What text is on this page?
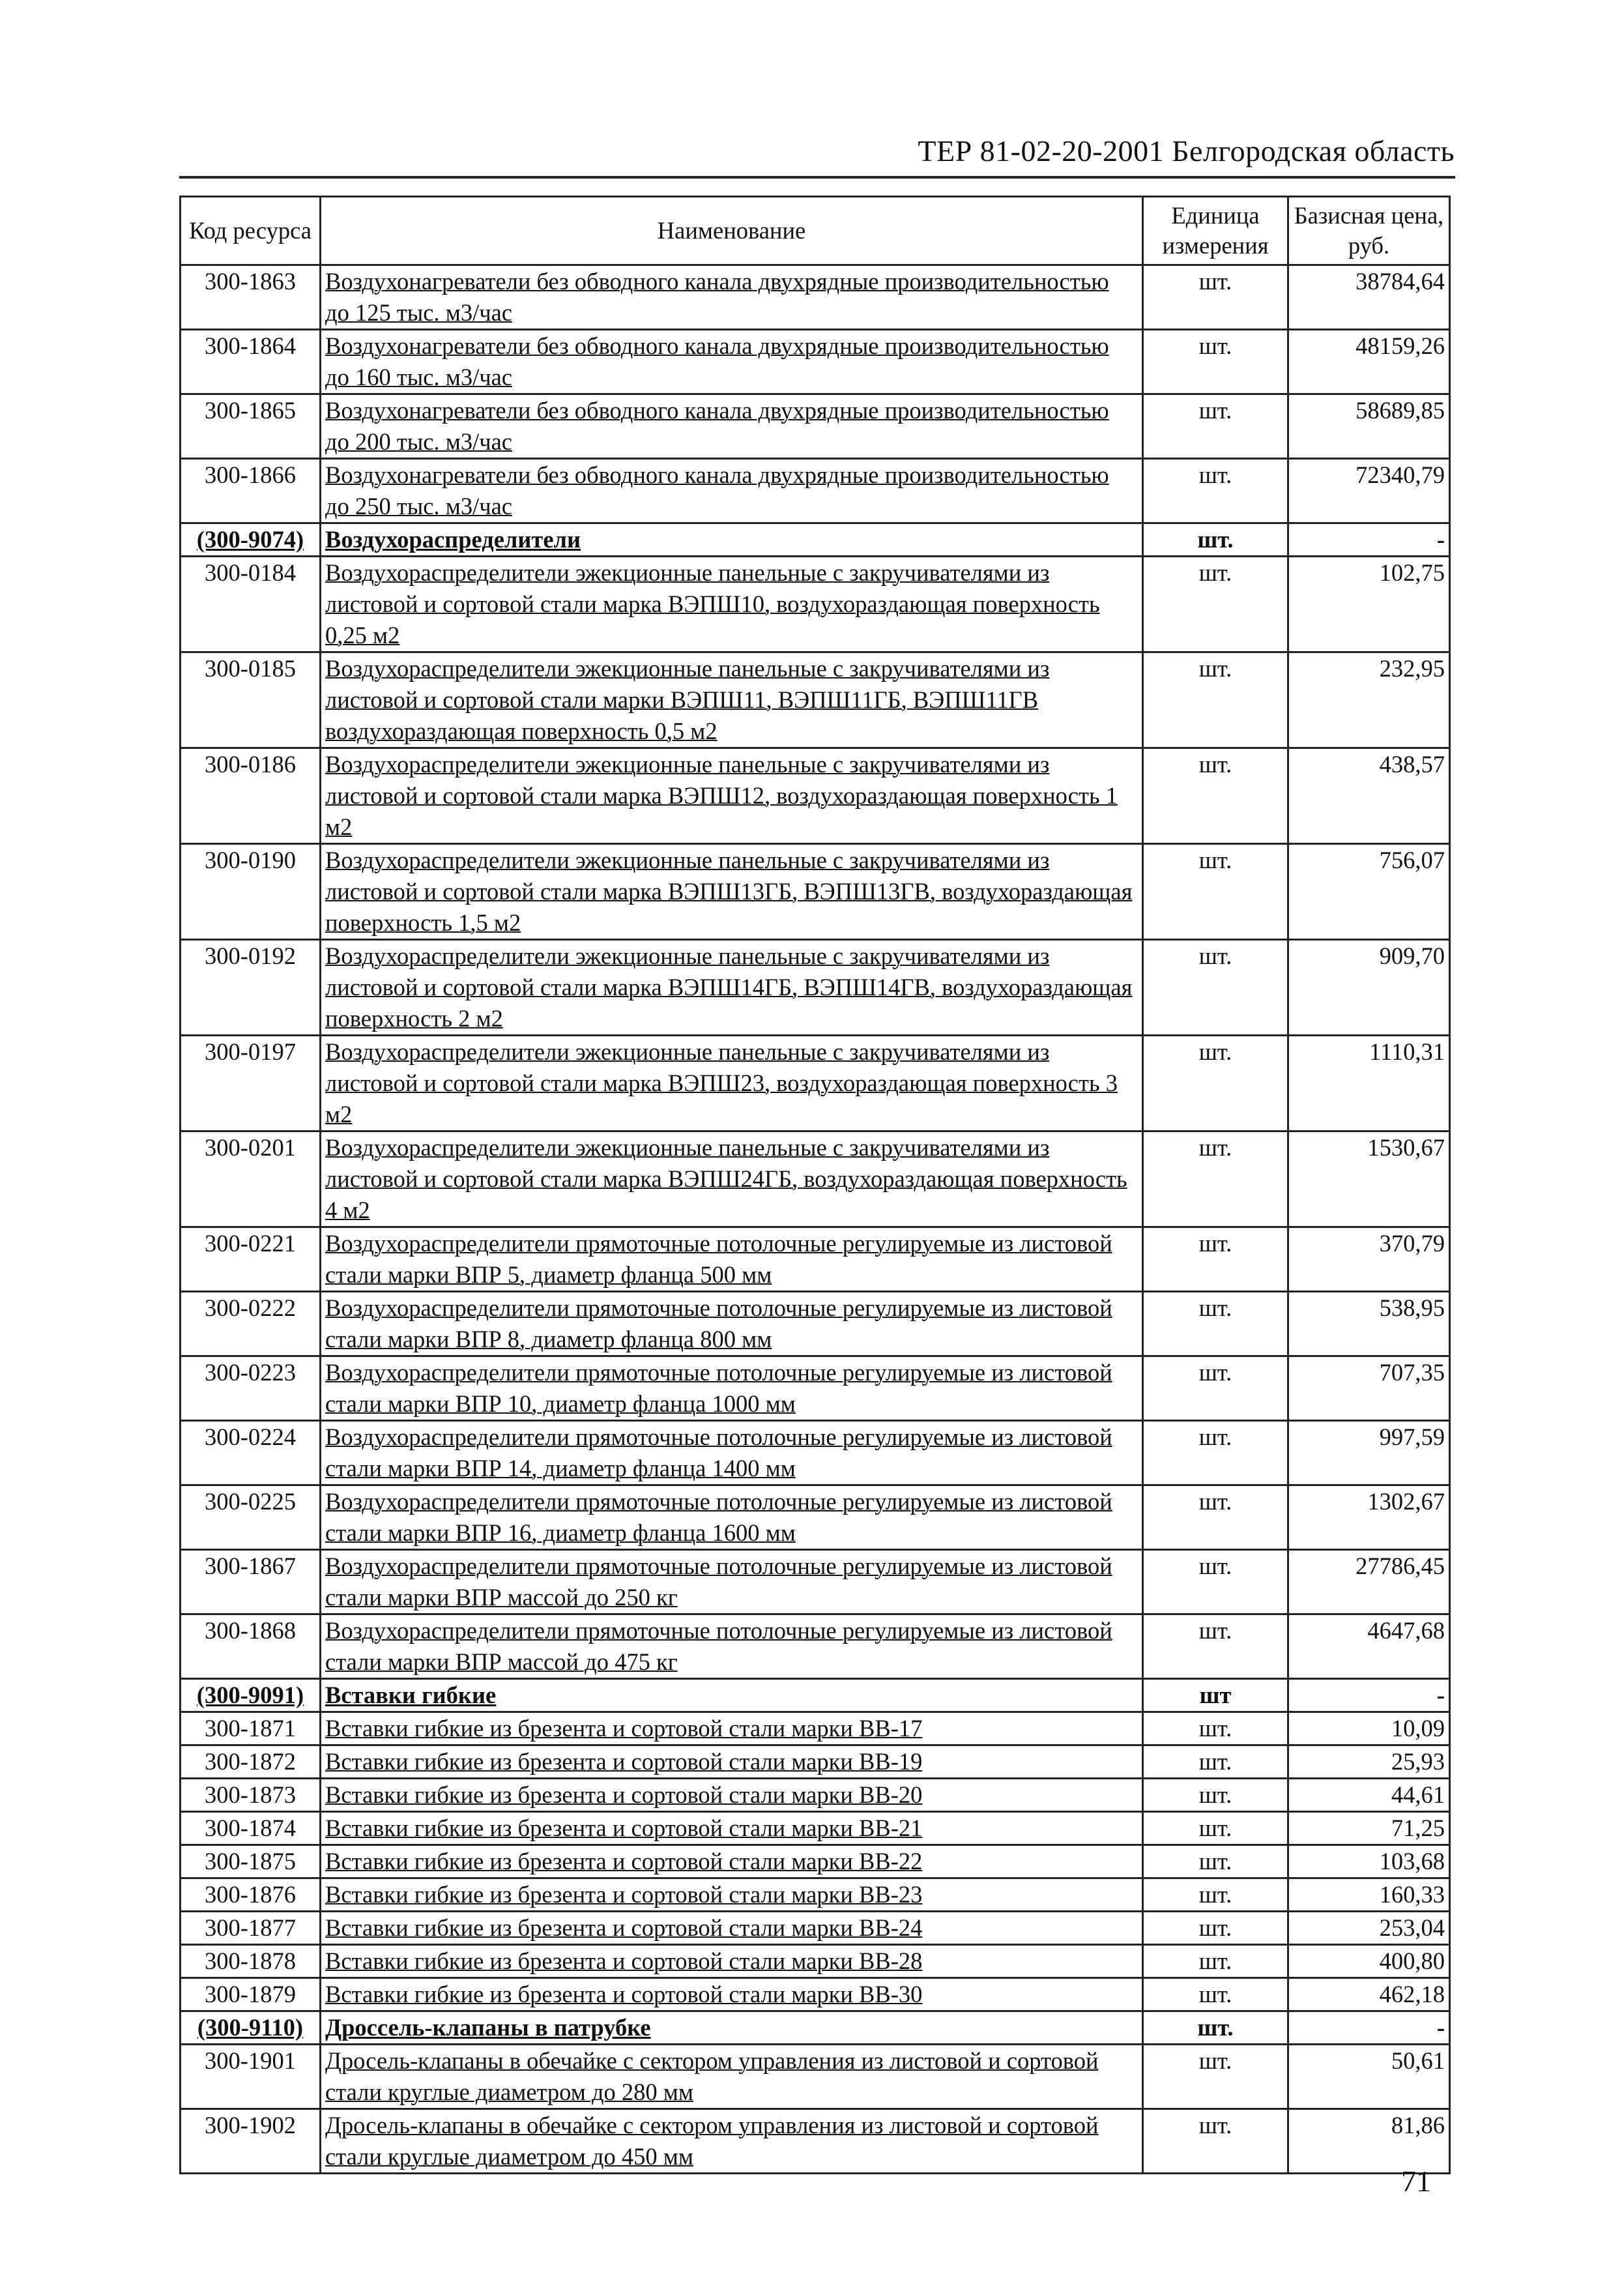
ТЕР 81-02-20-2001 Белгородская область
Код ресурса	Наименование	Единица измерения	Базисная цена, руб.
300-1863	Воздухонагреватели без обводного канала двухрядные производительностью до 125 тыс. м3/час	шт.	38784,64
300-1864	Воздухонагреватели без обводного канала двухрядные производительностью до 160 тыс. м3/час	шт.	48159,26
300-1865	Воздухонагреватели без обводного канала двухрядные производительностью до 200 тыс. м3/час	шт.	58689,85
300-1866	Воздухонагреватели без обводного канала двухрядные производительностью до 250 тыс. м3/час	шт.	72340,79
(300-9074)	Воздухораспределители	шт.	-
300-0184	Воздухораспределители эжекционные панельные с закручивателями из листовой и сортовой стали марка ВЭПШ10, воздухораздающая поверхность 0,25 м2	шт.	102,75
300-0185	Воздухораспределители эжекционные панельные с закручивателями из листовой и сортовой стали марки ВЭПШ11, ВЭПШ11ГБ, ВЭПШ11ГВ воздухораздающая поверхность 0,5 м2	шт.	232,95
300-0186	Воздухораспределители эжекционные панельные с закручивателями из листовой и сортовой стали марка ВЭПШ12, воздухораздающая поверхность 1 м2	шт.	438,57
300-0190	Воздухораспределители эжекционные панельные с закручивателями из листовой и сортовой стали марка ВЭПШ13ГБ, ВЭПШ13ГВ, воздухораздающая поверхность 1,5 м2	шт.	756,07
300-0192	Воздухораспределители эжекционные панельные с закручивателями из листовой и сортовой стали марка ВЭПШ14ГБ, ВЭПШ14ГВ, воздухораздающая поверхность 2 м2	шт.	909,70
300-0197	Воздухораспределители эжекционные панельные с закручивателями из листовой и сортовой стали марка ВЭПШ23, воздухораздающая поверхность 3 м2	шт.	1110,31
300-0201	Воздухораспределители эжекционные панельные с закручивателями из листовой и сортовой стали марка ВЭПШ24ГБ, воздухораздающая поверхность 4 м2	шт.	1530,67
300-0221	Воздухораспределители прямоточные потолочные регулируемые из листовой стали марки ВПР 5, диаметр фланца 500 мм	шт.	370,79
300-0222	Воздухораспределители прямоточные потолочные регулируемые из листовой стали марки ВПР 8, диаметр фланца 800 мм	шт.	538,95
300-0223	Воздухораспределители прямоточные потолочные регулируемые из листовой стали марки ВПР 10, диаметр фланца 1000 мм	шт.	707,35
300-0224	Воздухораспределители прямоточные потолочные регулируемые из листовой стали марки ВПР 14, диаметр фланца 1400 мм	шт.	997,59
300-0225	Воздухораспределители прямоточные потолочные регулируемые из листовой стали марки ВПР 16, диаметр фланца 1600 мм	шт.	1302,67
300-1867	Воздухораспределители прямоточные потолочные регулируемые из листовой стали марки ВПР массой до 250 кг	шт.	27786,45
300-1868	Воздухораспределители прямоточные потолочные регулируемые из листовой стали марки ВПР массой до 475 кг	шт.	4647,68
(300-9091)	Вставки гибкие	шт	-
300-1871	Вставки гибкие из брезента и сортовой стали марки ВВ-17	шт.	10,09
300-1872	Вставки гибкие из брезента и сортовой стали марки ВВ-19	шт.	25,93
300-1873	Вставки гибкие из брезента и сортовой стали марки ВВ-20	шт.	44,61
300-1874	Вставки гибкие из брезента и сортовой стали марки ВВ-21	шт.	71,25
300-1875	Вставки гибкие из брезента и сортовой стали марки ВВ-22	шт.	103,68
300-1876	Вставки гибкие из брезента и сортовой стали марки ВВ-23	шт.	160,33
300-1877	Вставки гибкие из брезента и сортовой стали марки ВВ-24	шт.	253,04
300-1878	Вставки гибкие из брезента и сортовой стали марки ВВ-28	шт.	400,80
300-1879	Вставки гибкие из брезента и сортовой стали марки ВВ-30	шт.	462,18
(300-9110)	Дроссель-клапаны в патрубке	шт.	-
300-1901	Дросель-клапаны в обечайке с сектором управления из листовой и сортовой стали круглые диаметром до 280 мм	шт.	50,61
300-1902	Дросель-клапаны в обечайке с сектором управления из листовой и сортовой стали круглые диаметром до 450 мм	шт.	81,86
71
